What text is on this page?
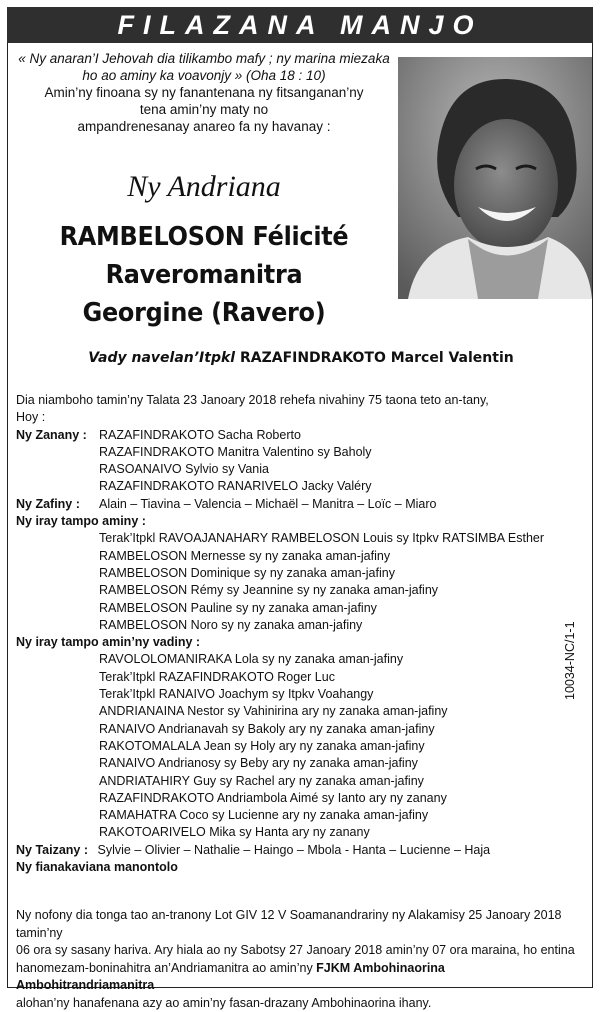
FILAZANA MANJO
« Ny anaran’I Jehovah dia tilikambo mafy ; ny marina miezaka
ho ao aminy ka voavonjy » (Oha 18 : 10)
Amin’ny finoana sy ny fanantenana ny fitsanganan’ny
tena amin’ny maty no
ampandrenesanay anareo fa ny havanay :
Ny Andriana
RAMBELOSON Félicité
Raveromanitra
Georgine (Ravero)
Vady navelan’Itpkl RAZAFINDRAKOTO Marcel Valentin
Dia niamboho tamin’ny Talata 23 Janoary 2018 rehefa nivahiny 75 taona teto an-tany,
Hoy :
Ny Zanany : RAZAFINDRAKOTO Sacha Roberto
RAZAFINDRAKOTO Manitra Valentino sy Baholy
RASOANAIVO Sylvio sy Vania
RAZAFINDRAKOTO RANARIVELO Jacky Valéry
Ny Zafiny : Alain – Tiavina – Valencia – Michaël – Manitra – Loïc – Miaro
Ny iray tampo aminy :
Terak’Itpkl RAVOAJANAHARY RAMBELOSON Louis sy Itpkv RATSIMBA Esther
RAMBELOSON Mernesse sy ny zanaka aman-jafiny
RAMBELOSON Dominique sy ny zanaka aman-jafiny
RAMBELOSON Rémy sy Jeannine sy ny zanaka aman-jafiny
RAMBELOSON Pauline sy ny zanaka aman-jafiny
RAMBELOSON Noro sy ny zanaka aman-jafiny
Ny iray tampo amin’ny vadiny :
RAVOLOLOMANIRAKA Lola sy ny zanaka aman-jafiny
Terak’Itpkl RAZAFINDRAKOTO Roger Luc
Terak’Itpkl RANAIVO Joachym sy Itpkv Voahangy
ANDRIANAINA Nestor sy Vahinirina ary ny zanaka aman-jafiny
RANAIVO Andrianavah sy Bakoly ary ny zanaka aman-jafiny
RAKOTOMALALA Jean sy Holy ary ny zanaka aman-jafiny
RANAIVO Andrianosy sy Beby ary ny zanaka aman-jafiny
ANDRIATAHIRY Guy sy Rachel ary ny zanaka aman-jafiny
RAZAFINDRAKOTO Andriambola Aimé sy Ianto ary ny zanany
RAMAHATRA Coco sy Lucienne ary ny zanaka aman-jafiny
RAKOTOARIVELO Mika sy Hanta ary ny zanany
Ny Taizany : Sylvie – Olivier – Nathalie – Haingo – Mbola - Hanta – Lucienne – Haja
Ny fianakaviana manontolo
Ny nofony dia tonga tao an-tranony Lot GIV 12 V Soamanandrariny ny Alakamisy 25 Janoary 2018 tamin’ny
06 ora sy sasany hariva. Ary hiala ao ny Sabotsy 27 Janoary 2018 amin’ny 07 ora maraina, ho entina
hanomezam-boninahitra an’Andriamanitra ao amin’ny FJKM Ambohinaorina Ambohitrandriamanitra
alohan’ny hanafenana azy ao amin’ny fasan-drazany Ambohinaorina ihany.
10034-NC/1-1
